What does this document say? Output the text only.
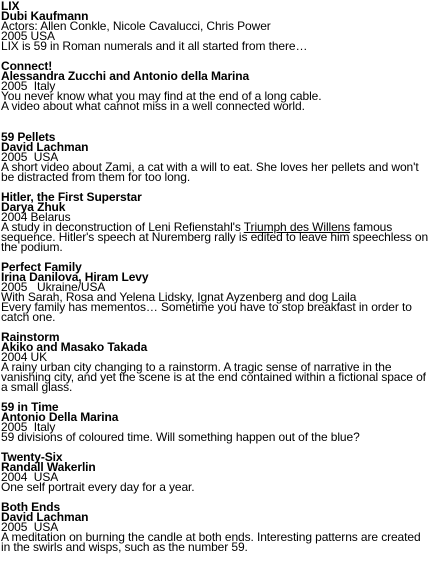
LIX
Dubi Kaufmann
Actors: Allen Conkle, Nicole Cavalucci, Chris Power
2005 USA
LIX is 59 in Roman numerals and it all started from there…
Connect!
Alessandra Zucchi and Antonio della Marina
2005  Italy
You never know what you may find at the end of a long cable.
A video about what cannot miss in a well connected world.
59 Pellets
David Lachman
2005  USA
A short video about Zami, a cat with a will to eat. She loves her pellets and won't be distracted from them for too long.
Hitler, the First Superstar
Darya Zhuk
2004 Belarus
A study in deconstruction of Leni Refienstahl's Triumph des Willens famous sequence. Hitler's speech at Nuremberg rally is edited to leave him speechless on the podium.
Perfect Family
Irina Danilova, Hiram Levy
2005   Ukraine/USA
With Sarah, Rosa and Yelena Lidsky, Ignat Ayzenberg and dog Laila
Every family has mementos… Sometime you have to stop breakfast in order to catch one.
Rainstorm
Akiko and Masako Takada
2004 UK
A rainy urban city changing to a rainstorm. A tragic sense of narrative in the vanishing city, and yet the scene is at the end contained within a fictional space of a small glass.
59 in Time
Antonio Della Marina
2005  Italy
59 divisions of coloured time. Will something happen out of the blue?
Twenty-Six
Randall Wakerlin
2004  USA
One self portrait every day for a year.
Both Ends
David Lachman
2005  USA
A meditation on burning the candle at both ends. Interesting patterns are created in the swirls and wisps, such as the number 59.
